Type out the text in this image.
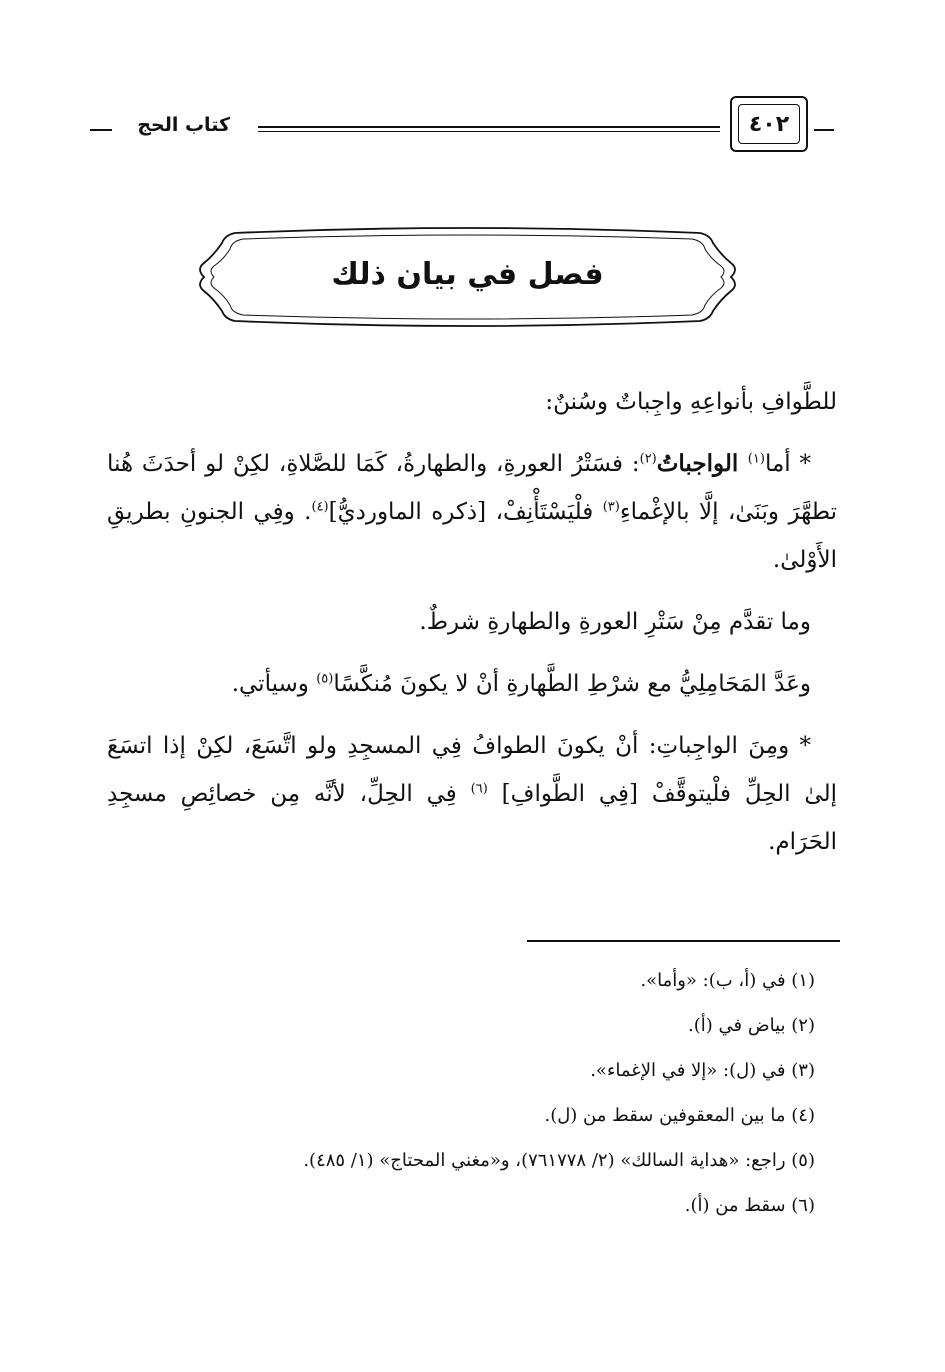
كتاب الحج	٤٠٢
فصل في بيان ذلك

للطَّوافِ بأنواعِهِ واجِباتٌ وسُننٌ:

* أما$^{(١)}$ الواجباتُ$^{(٢)}$: فسَتْرُ العورةِ، والطهارةُ، كَمَا للصَّلاةِ، لكِنْ لو أحدَثَ هُنا تطهَّرَ وبَنَىٰ، إلَّا بالإغْماءِ$^{(٣)}$ فلْيَسْتَأْنِفْ، [ذكره الماورديُّ]$^{(٤)}$. وفِي الجنونِ بطريقِ الأَوْلىٰ.

وما تقدَّم مِنْ سَتْرِ العورةِ والطهارةِ شرطٌ.

وعَدَّ المَحَامِلِيُّ مع شرْطِ الطَّهارةِ أنْ لا يكونَ مُنكَّسًا$^{(٥)}$ وسيأتي.

* ومِنَ الواجِباتِ: أنْ يكونَ الطوافُ فِي المسجِدِ ولو اتَّسَعَ، لكِنْ إذا اتسَعَ إلىٰ الحِلِّ فلْيتوقَّفْ [فِي الطَّوافِ] $^{(٦)}$ فِي الحِلِّ، لأنَّه مِن خصائِصِ مسجِدِ الحَرَام.

(١) في (أ، ب): «وأما».
(٢) بياض في (أ).
(٣) في (ل): «إلا في الإغماء».
(٤) ما بين المعقوفين سقط من (ل).
(٥) راجع: «هداية السالك» (٢/ ٧٦١٧٧٨)، و«مغني المحتاج» (١/ ٤٨٥).
(٦) سقط من (أ).
